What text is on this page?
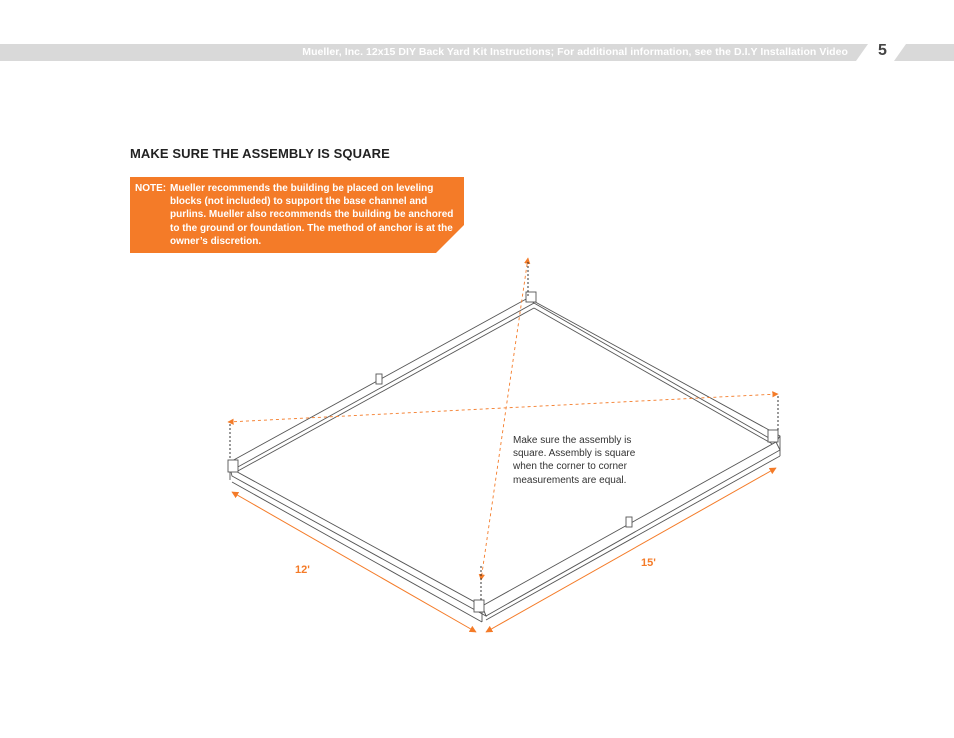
Mueller, Inc. 12x15 DIY Back Yard Kit Instructions; For additional information, see the D.I.Y Installation Video 5
MAKE SURE THE ASSEMBLY IS SQUARE
NOTE: Mueller recommends the building be placed on leveling blocks (not included) to support the base channel and purlins. Mueller also recommends the building be anchored to the ground or foundation. The method of anchor is at the owner’s discretion.
Make sure the assembly is square. Assembly is square when the corner to corner measurements are equal.
12'
15'
